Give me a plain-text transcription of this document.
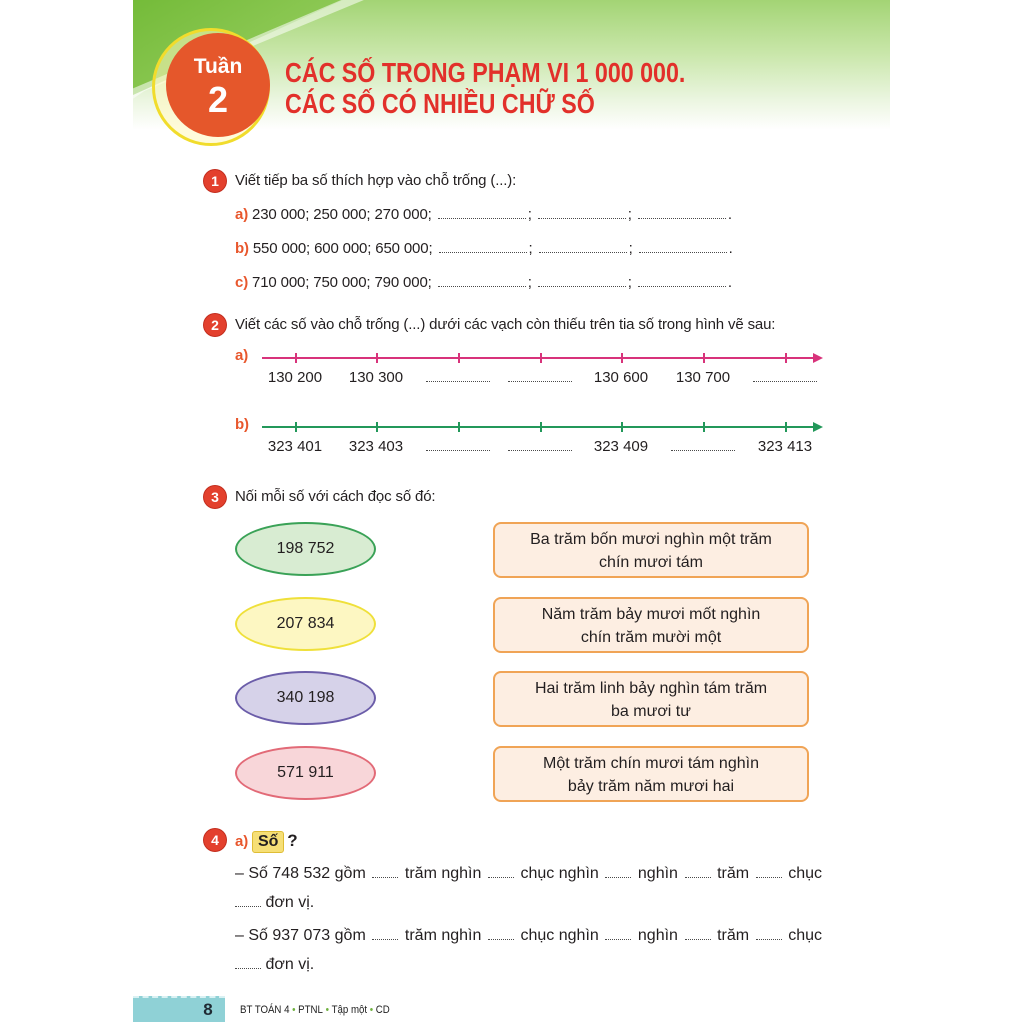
Tuần
2
CÁC SỐ TRONG PHẠM VI 1 000 000.
CÁC SỐ CÓ NHIỀU CHỮ SỐ
1	Viết tiếp ba số thích hợp vào chỗ trống (...):
a) 230 000; 250 000; 270 000;	;	;	.
b) 550 000; 600 000; 650 000;	;	;	.
c) 710 000; 750 000; 790 000;	;	;	.
2	Viết các số vào chỗ trống (...) dưới các vạch còn thiếu trên tia số trong hình vẽ sau:
a)
130 200	130 300	130 600	130 700
b)
323 401	323 403	323 409	323 413
3	Nối mỗi số với cách đọc số đó:
198 752
207 834
340 198
571 911
Ba trăm bốn mươi nghìn một trăm
chín mươi tám
Năm trăm bảy mươi mốt nghìn
chín trăm mười một
Hai trăm linh bảy nghìn tám trăm
ba mươi tư
Một trăm chín mươi tám nghìn
bảy trăm năm mươi hai
4	a) Số ?
– Số 748 532 gồm trăm nghìn chục nghìn nghìn trăm chục
đơn vị.
– Số 937 073 gồm trăm nghìn chục nghìn nghìn trăm chục
đơn vị.
8	BT TOÁN 4 • PTNL • Tập một • CD
